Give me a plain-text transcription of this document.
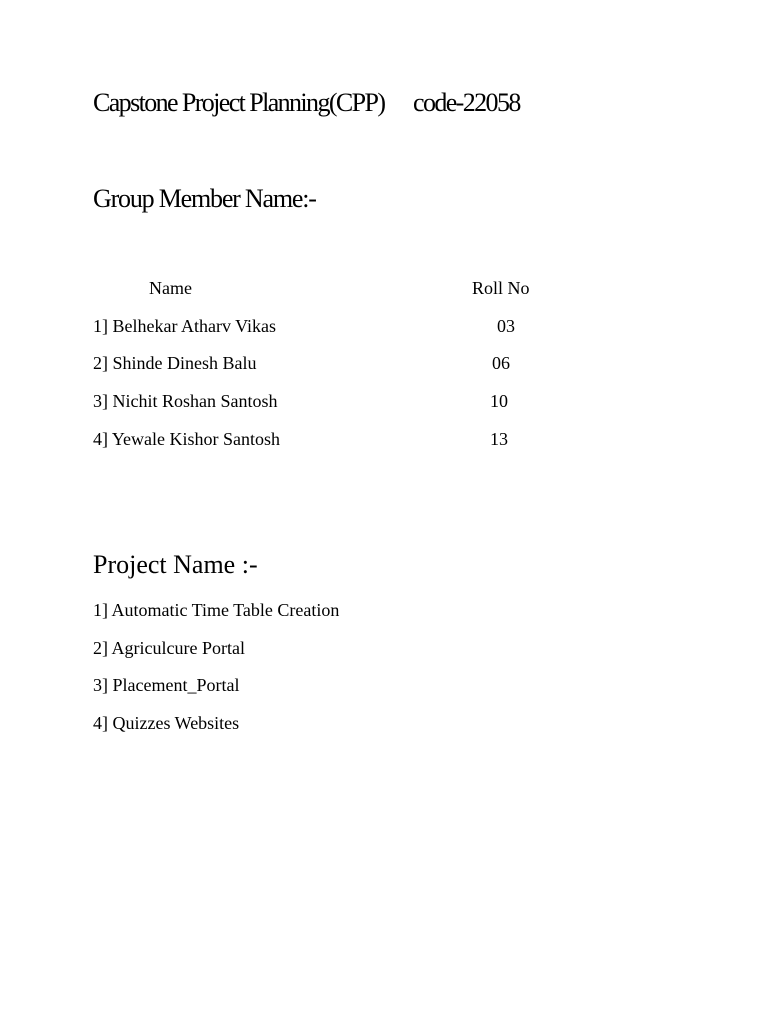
Capstone Project Planning(CPP) code-22058
Group Member Name:-
Name	Roll No
1] Belhekar Atharv Vikas	03
2] Shinde Dinesh Balu	06
3] Nichit Roshan Santosh	10
4] Yewale Kishor Santosh	13
Project Name :-
1] Automatic Time Table Creation
2] Agriculcure Portal
3] Placement_Portal
4] Quizzes Websites
